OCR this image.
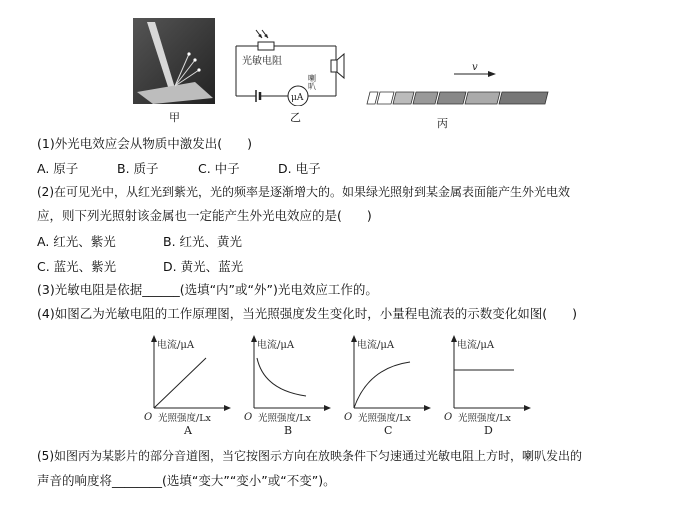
甲
光敏电阻
喇叭
μA
乙
v
丙
(1)外光电效应会从物质中激发出(　　)
A. 原子	B. 质子	C. 中子	D. 电子
(2)在可见光中，从红光到紫光，光的频率是逐渐增大的。如果绿光照射到某金属表面能产生外光电效
应，则下列光照射该金属也一定能产生外光电效应的是(　　)
A. 红光、紫光	B. 红光、黄光
C. 蓝光、紫光	D. 黄光、蓝光
(3)光敏电阻是依据______(选填“内”或“外”)光电效应工作的。
(4)如图乙为光敏电阻的工作原理图，当光照强度发生变化时，小量程电流表的示数变化如图(　　)
电流/μA
O 光照强度/Lx
A
电流/μA
O 光照强度/Lx
B
电流/μA
O 光照强度/Lx
C
电流/μA
O 光照强度/Lx
D
(5)如图丙为某影片的部分音道图，当它按图示方向在放映条件下匀速通过光敏电阻上方时，喇叭发出的
声音的响度将________(选填“变大”“变小”或“不变”)。
